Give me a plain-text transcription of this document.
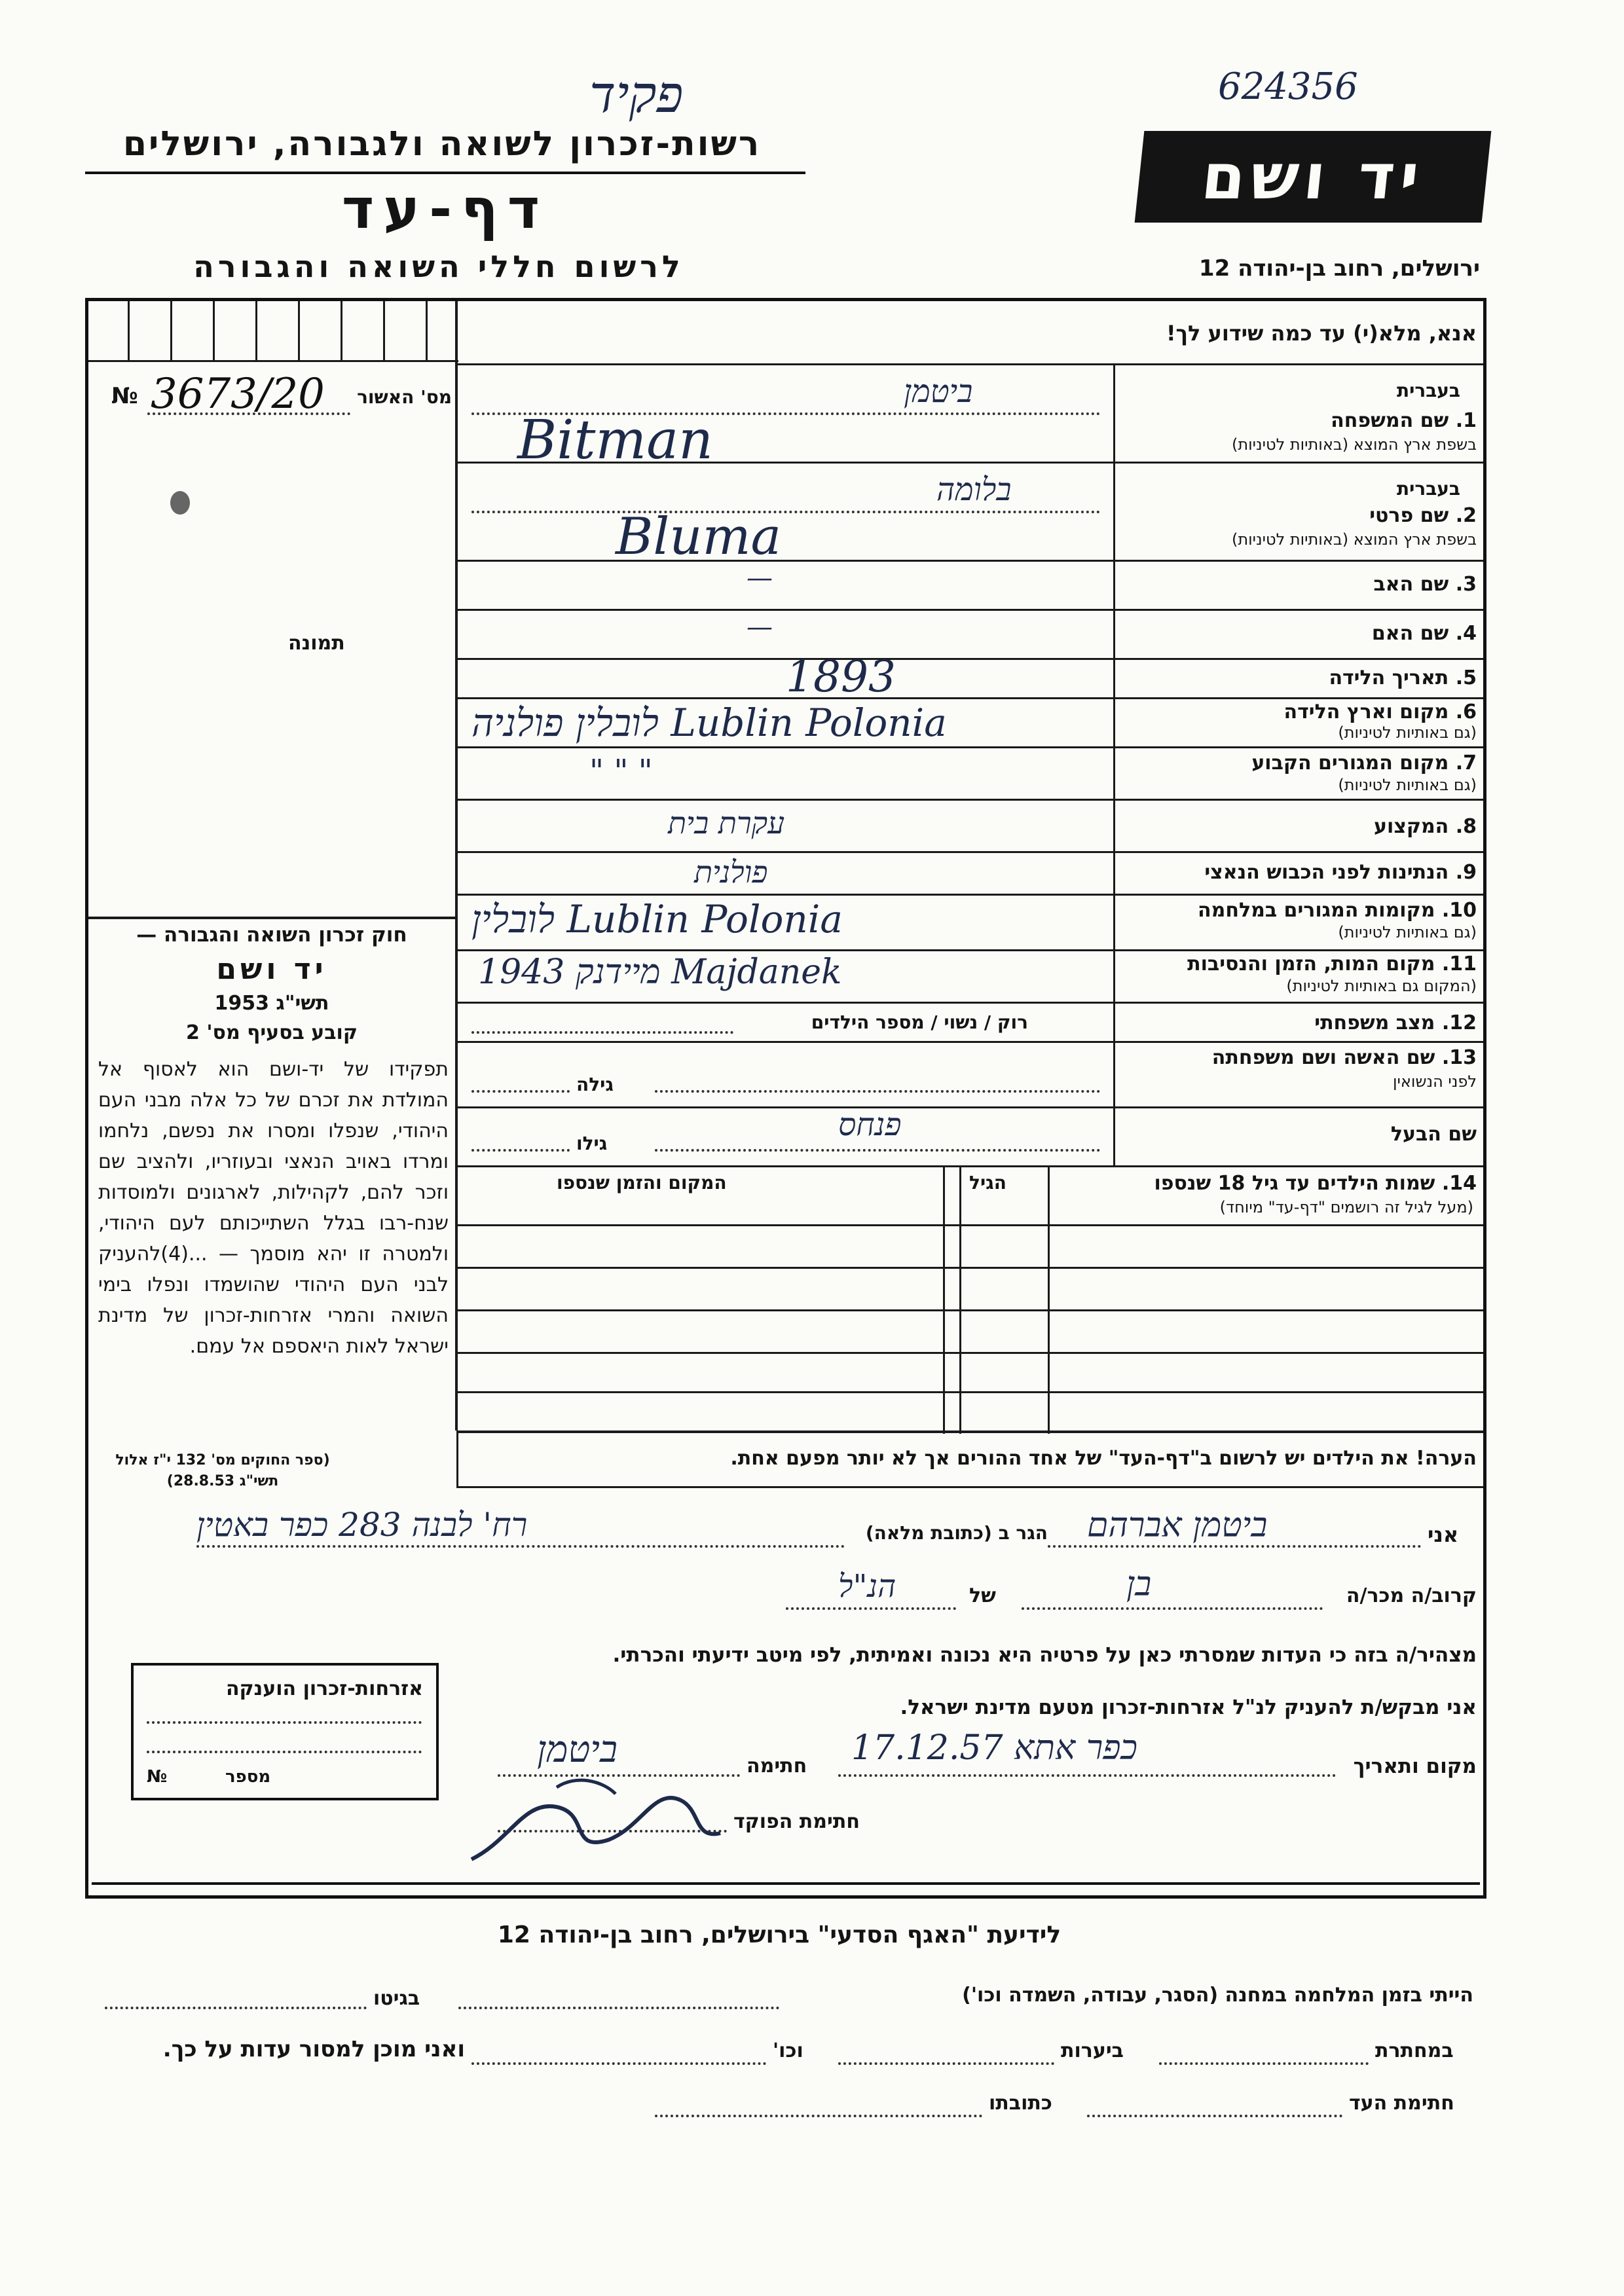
פקיד	624356
רשות-זכרון לשואה ולגבורה, ירושלים
דף-עד
לרשום חללי השואה והגבורה
יד ושם
ירושלים, רחוב בן-יהודה 12
מס' האשור
№ 3673/20
תמונה
חוק זכרון השואה והגבורה —
יד ושם
תשי"ג 1953
קובע בסעיף מס' 2
תפקידו של יד-ושם הוא לאסוף אל המולדת את זכרם של כל אלה מבני העם היהודי, שנפלו ומסרו את נפשם, נלחמו ומרדו באויב הנאצי ובעוזריו, ולהציב שם וזכר להם, לקהילות, לארגונים ולמוסדות שנח-רבו בגלל השתייכותם לעם היהודי, ולמטרה זו יהא מוסמך — ...(4)להעניק לבני העם היהודי שהושמדו ונפלו בימי השואה והמרי אזרחות-זכרון של מדינת ישראל לאות היאספם אל עמם.
(ספר החוקים מס' 132 י"ז אלול תשי"ג 28.8.53)
אנא, מלא(י) עד כמה שידוע לך!
בעברית
1. שם המשפחה
בשפת ארץ המוצא (באותיות לטיניות)
ביטמן
Bitman
בעברית
2. שם פרטי
בשפת ארץ המוצא (באותיות לטיניות)
בלומה
Bluma
3. שם האב
—
4. שם האם
—
5. תאריך הלידה
1893
6. מקום וארץ הלידה
(גם באותיות לטיניות)
לובלין פולניה Lublin Polonia
7. מקום המגורים הקבוע
(גם באותיות לטיניות)
" " "
8. המקצוע
עקרת בית
9. הנתינות לפני הכבוש הנאצי
פולנית
10. מקומות המגורים במלחמה
(גם באותיות לטיניות)
לובלין Lublin Polonia
11. מקום המות, הזמן והנסיבות
(המקום גם באותיות לטיניות)
מיידנק 1943 Majdanek
12. מצב משפחתי
רוק / נשוי / מספר הילדים
13. שם האשה ושם משפחתה
לפני הנשואין
גילה
שם הבעל
פנחס
גילו
14. שמות הילדים עד גיל 18 שנספו
(מעל לגיל זה רושמים "דף-עד" מיוחד)
הגיל
המקום והזמן שנספו
הערה! את הילדים יש לרשום ב"דף-העד" של אחד ההורים אך לא יותר מפעם אחת.
אני
ביטמן אברהם
הגר ב (כתובת מלאה)
רח' לבנה 283 כפר באטין
קרוב/ה מכר/ה
בן
של
הנ"ל
מצהיר/ה בזה כי העדות שמסרתי כאן על פרטיה היא נכונה ואמיתית, לפי מיטב ידיעתי והכרתי.
אני מבקש/ת להעניק לנ"ל אזרחות-זכרון מטעם מדינת ישראל.
מקום ותאריך
כפר אתא 17.12.57
חתימה
ביטמן
חתימת הפוקד
אזרחות-זכרון הוענקה
מספר
№
לידיעת "האגף הסדעי" בירושלים, רחוב בן-יהודה 12
הייתי בזמן המלחמה במחנה (הסגר, עבודה, השמדה וכו')
בגיטו
במחתרת
ביערות
וכו'
ואני מוכן למסור עדות על כך.
חתימת העד
כתובתו
